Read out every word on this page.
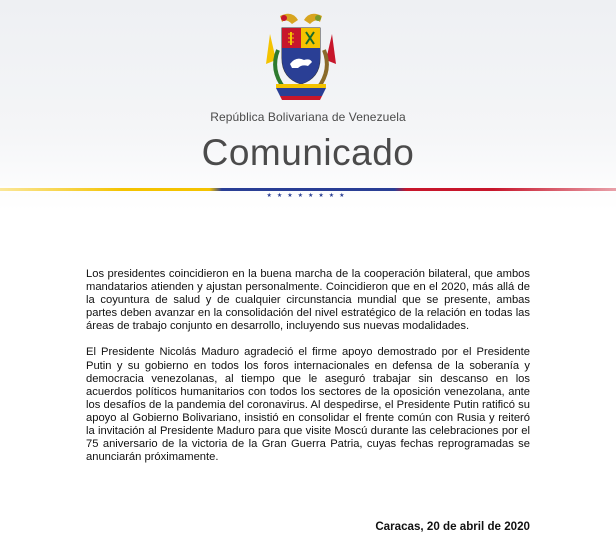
República Bolivariana de Venezuela
Comunicado
★★★★★★★★

Los presidentes coincidieron en la buena marcha de la cooperación bilateral, que ambos mandatarios atienden y ajustan personalmente. Coincidieron que en el 2020, más allá de la coyuntura de salud y de cualquier circunstancia mundial que se presente, ambas partes deben avanzar en la consolidación del nivel estratégico de la relación en todas las áreas de trabajo conjunto en desarrollo, incluyendo sus nuevas modalidades.

El Presidente Nicolás Maduro agradeció el firme apoyo demostrado por el Presidente Putin y su gobierno en todos los foros internacionales en defensa de la soberanía y democracia venezolanas, al tiempo que le aseguró trabajar sin descanso en los acuerdos políticos humanitarios con todos los sectores de la oposición venezolana, ante los desafíos de la pandemia del coronavirus. Al despedirse, el Presidente Putin ratificó su apoyo al Gobierno Bolivariano, insistió en consolidar el frente común con Rusia y reiteró la invitación al Presidente Maduro para que visite Moscú durante las celebraciones por el 75 aniversario de la victoria de la Gran Guerra Patria, cuyas fechas reprogramadas se anunciarán próximamente.

Caracas, 20 de abril de 2020
